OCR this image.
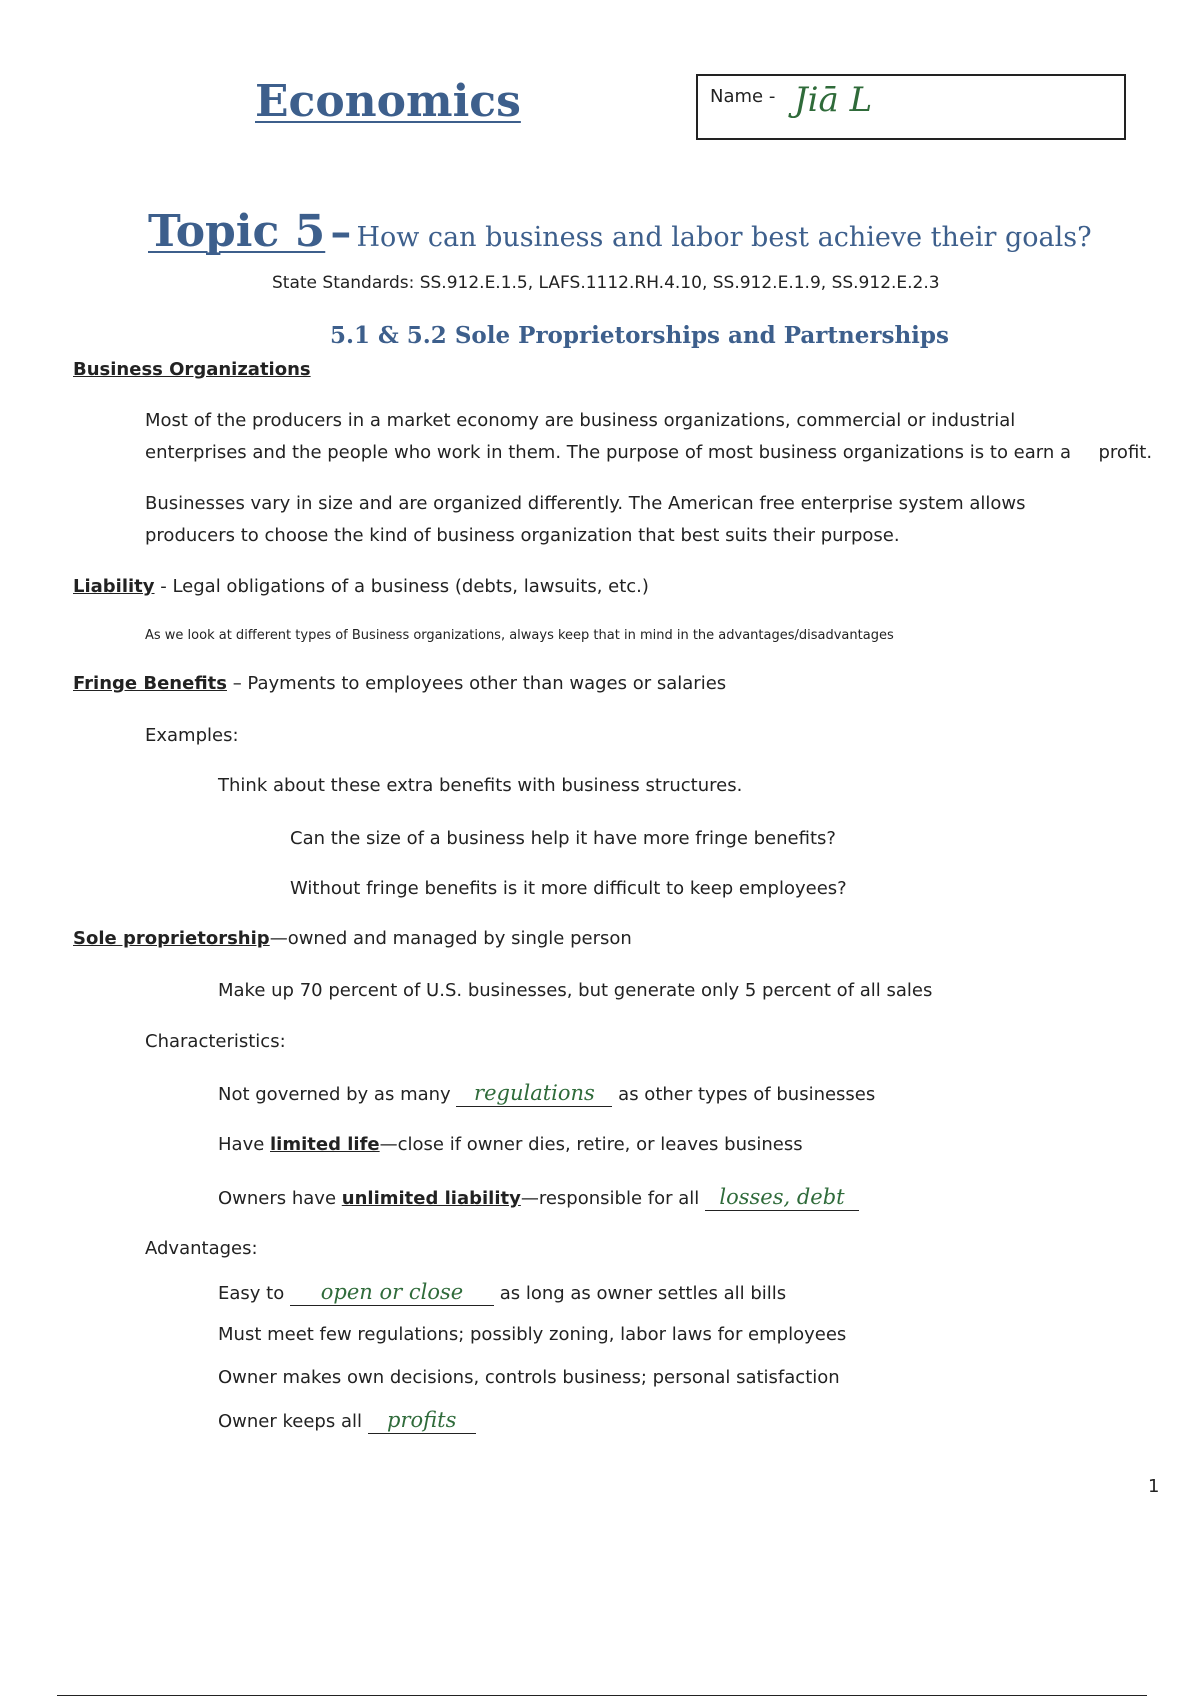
Economics	Name - Jiā L
Topic 5 – How can business and labor best achieve their goals?
State Standards: SS.912.E.1.5, LAFS.1112.RH.4.10, SS.912.E.1.9, SS.912.E.2.3
5.1 & 5.2 Sole Proprietorships and Partnerships
Business Organizations
Most of the producers in a market economy are business organizations, commercial or industrial
enterprises and the people who work in them. The purpose of most business organizations is to earn a profit.
Businesses vary in size and are organized differently. The American free enterprise system allows
producers to choose the kind of business organization that best suits their purpose.
Liability - Legal obligations of a business (debts, lawsuits, etc.)
As we look at different types of Business organizations, always keep that in mind in the advantages/disadvantages
Fringe Benefits – Payments to employees other than wages or salaries
Examples:
Think about these extra benefits with business structures.
Can the size of a business help it have more fringe benefits?
Without fringe benefits is it more difficult to keep employees?
Sole proprietorship—owned and managed by single person
Make up 70 percent of U.S. businesses, but generate only 5 percent of all sales
Characteristics:
Not governed by as many regulations as other types of businesses
Have limited life—close if owner dies, retire, or leaves business
Owners have unlimited liability—responsible for all losses, debt
Advantages:
Easy to open or close as long as owner settles all bills
Must meet few regulations; possibly zoning, labor laws for employees
Owner makes own decisions, controls business; personal satisfaction
Owner keeps all profits
1
